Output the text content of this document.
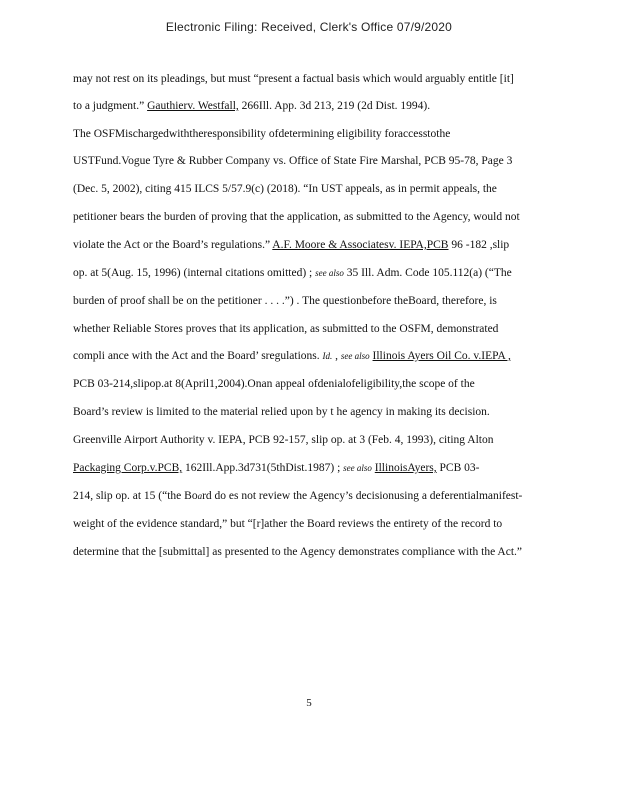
Electronic Filing: Received, Clerk's Office 07/9/2020
may not rest on its pleadings, but must “present a factual basis which would arguably entitle [it]
to a judgment.” Gauthierv. Westfall, 266Ill. App. 3d 213, 219 (2d Dist. 1994).
The OSFMischargedwiththeresponsibility ofdetermining eligibility foraccesstothe
USTFund.Vogue Tyre & Rubber Company vs. Office of State Fire Marshal, PCB 95-78, Page 3
(Dec. 5, 2002), citing 415 ILCS 5/57.9(c) (2018). “In UST appeals, as in permit appeals, the
petitioner bears the burden of proving that the application, as submitted to the Agency, would not
violate the Act or the Board’s regulations.” A.F. Moore & Associatesv. IEPA,PCB 96 -182 ,slip
op. at 5(Aug. 15, 1996) (internal citations omitted) ; see also 35 Ill. Adm. Code 105.112(a) (“The
burden of proof shall be on the petitioner . . . .”) . The questionbefore theBoard, therefore, is
whether Reliable Stores proves that its application, as submitted to the OSFM, demonstrated
compli ance with the Act and the Board’ sregulations. Id. , see also Illinois Ayers Oil Co. v.IEPA ,
PCB 03-214,slipop.at 8(April1,2004).Onan appeal ofdenialofeligibility,the scope of the
Board’s review is limited to the material relied upon by t he agency in making its decision.
Greenville Airport Authority v. IEPA, PCB 92-157, slip op. at 3 (Feb. 4, 1993), citing Alton
Packaging Corp.v.PCB, 162Ill.App.3d731(5thDist.1987) ; see also IllinoisAyers, PCB 03-
214, slip op. at 15 (“the Board do es not review the Agency’s decisionusing a deferentialmanifest-
weight of the evidence standard,” but “[r]ather the Board reviews the entirety of the record to
determine that the [submittal] as presented to the Agency demonstrates compliance with the Act.”
5
